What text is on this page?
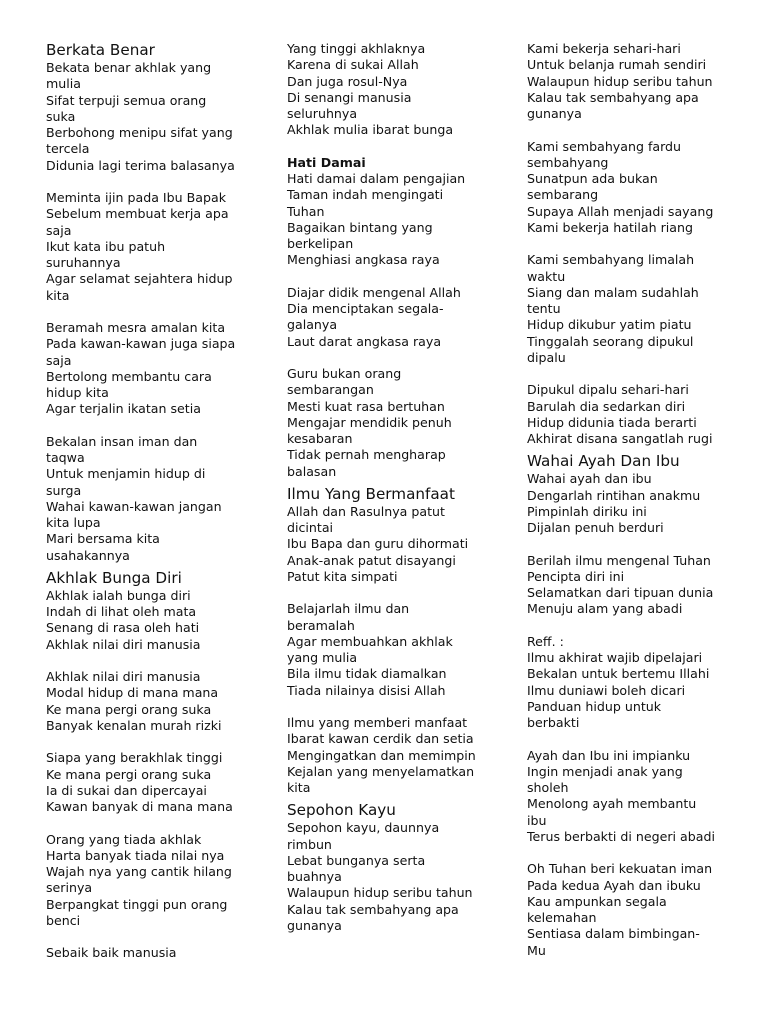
Berkata Benar
Bekata benar akhlak yang
mulia
Sifat terpuji semua orang
suka
Berbohong menipu sifat yang
tercela
Didunia lagi terima balasanya
Meminta ijin pada Ibu Bapak
Sebelum membuat kerja apa
saja
Ikut kata ibu patuh
suruhannya
Agar selamat sejahtera hidup
kita
Beramah mesra amalan kita
Pada kawan-kawan juga siapa
saja
Bertolong membantu cara
hidup kita
Agar terjalin ikatan setia
Bekalan insan iman dan
taqwa
Untuk menjamin hidup di
surga
Wahai kawan-kawan jangan
kita lupa
Mari bersama kita
usahakannya
Akhlak Bunga Diri
Akhlak ialah bunga diri
Indah di lihat oleh mata
Senang di rasa oleh hati
Akhlak nilai diri manusia
Akhlak nilai diri manusia
Modal hidup di mana mana
Ke mana pergi orang suka
Banyak kenalan murah rizki
Siapa yang berakhlak tinggi
Ke mana pergi orang suka
Ia di sukai dan dipercayai
Kawan banyak di mana mana
Orang yang tiada akhlak
Harta banyak tiada nilai nya
Wajah nya yang cantik hilang
serinya
Berpangkat tinggi pun orang
benci
Sebaik baik manusia
Yang tinggi akhlaknya
Karena di sukai Allah
Dan juga rosul-Nya
Di senangi manusia
seluruhnya
Akhlak mulia ibarat bunga
Hati Damai
Hati damai dalam pengajian
Taman indah mengingati
Tuhan
Bagaikan bintang yang
berkelipan
Menghiasi angkasa raya
Diajar didik mengenal Allah
Dia menciptakan segala-
galanya
Laut darat angkasa raya
Guru bukan orang
sembarangan
Mesti kuat rasa bertuhan
Mengajar mendidik penuh
kesabaran
Tidak pernah mengharap
balasan
Ilmu Yang Bermanfaat
Allah dan Rasulnya patut
dicintai
Ibu Bapa dan guru dihormati
Anak-anak patut disayangi
Patut kita simpati
Belajarlah ilmu dan
beramalah
Agar membuahkan akhlak
yang mulia
Bila ilmu tidak diamalkan
Tiada nilainya disisi Allah
Ilmu yang memberi manfaat
Ibarat kawan cerdik dan setia
Mengingatkan dan memimpin
Kejalan yang menyelamatkan
kita
Sepohon Kayu
Sepohon kayu, daunnya
rimbun
Lebat bunganya serta
buahnya
Walaupun hidup seribu tahun
Kalau tak sembahyang apa
gunanya
Kami bekerja sehari-hari
Untuk belanja rumah sendiri
Walaupun hidup seribu tahun
Kalau tak sembahyang apa
gunanya
Kami sembahyang fardu
sembahyang
Sunatpun ada bukan
sembarang
Supaya Allah menjadi sayang
Kami bekerja hatilah riang
Kami sembahyang limalah
waktu
Siang dan malam sudahlah
tentu
Hidup dikubur yatim piatu
Tinggalah seorang dipukul
dipalu
Dipukul dipalu sehari-hari
Barulah dia sedarkan diri
Hidup didunia tiada berarti
Akhirat disana sangatlah rugi
Wahai Ayah Dan Ibu
Wahai ayah dan ibu
Dengarlah rintihan anakmu
Pimpinlah diriku ini
Dijalan penuh berduri
Berilah ilmu mengenal Tuhan
Pencipta diri ini
Selamatkan dari tipuan dunia
Menuju alam yang abadi
Reff. :
Ilmu akhirat wajib dipelajari
Bekalan untuk bertemu Illahi
Ilmu duniawi boleh dicari
Panduan hidup untuk
berbakti
Ayah dan Ibu ini impianku
Ingin menjadi anak yang
sholeh
Menolong ayah membantu
ibu
Terus berbakti di negeri abadi
Oh Tuhan beri kekuatan iman
Pada kedua Ayah dan ibuku
Kau ampunkan segala
kelemahan
Sentiasa dalam bimbingan-
Mu
